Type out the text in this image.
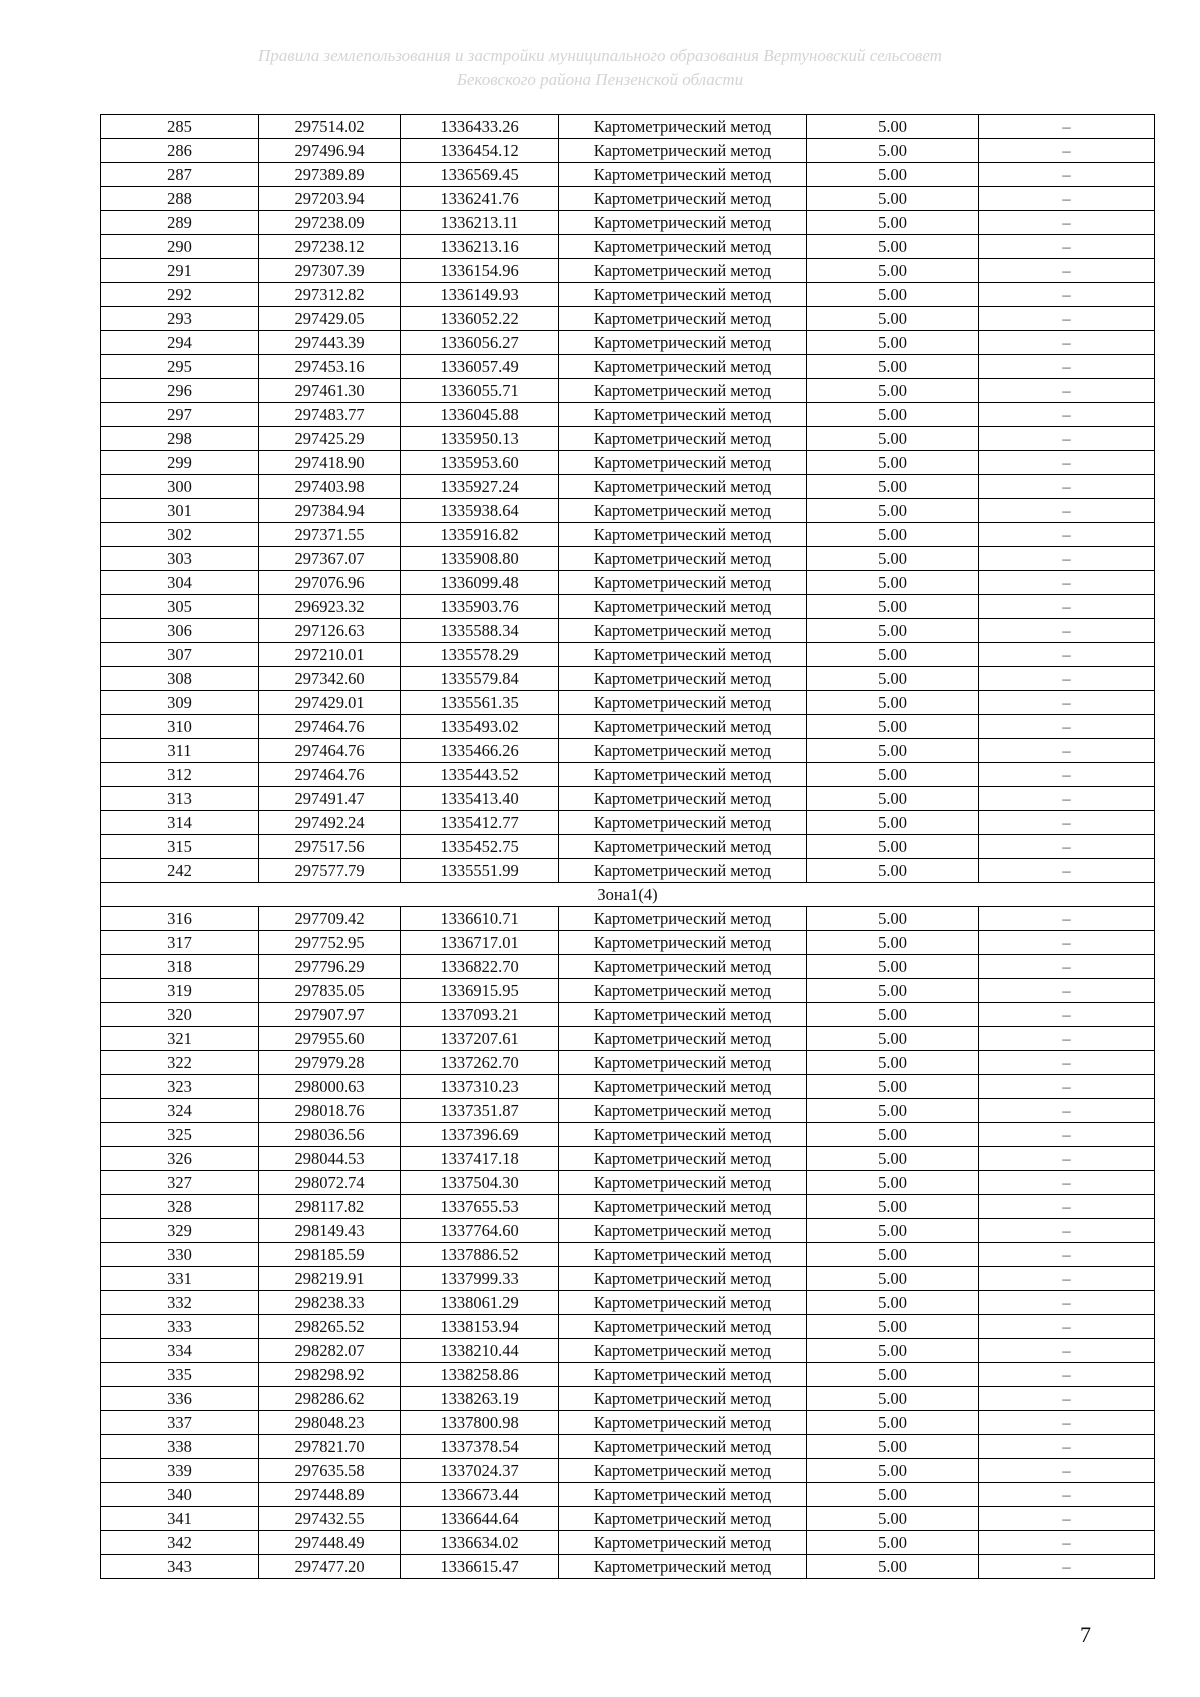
Правила землепользования и застройки муниципального образования Вертуновский сельсовет
Бековского района Пензенской области
285	297514.02	1336433.26	Картометрический метод	5.00	–
286	297496.94	1336454.12	Картометрический метод	5.00	–
287	297389.89	1336569.45	Картометрический метод	5.00	–
288	297203.94	1336241.76	Картометрический метод	5.00	–
289	297238.09	1336213.11	Картометрический метод	5.00	–
290	297238.12	1336213.16	Картометрический метод	5.00	–
291	297307.39	1336154.96	Картометрический метод	5.00	–
292	297312.82	1336149.93	Картометрический метод	5.00	–
293	297429.05	1336052.22	Картометрический метод	5.00	–
294	297443.39	1336056.27	Картометрический метод	5.00	–
295	297453.16	1336057.49	Картометрический метод	5.00	–
296	297461.30	1336055.71	Картометрический метод	5.00	–
297	297483.77	1336045.88	Картометрический метод	5.00	–
298	297425.29	1335950.13	Картометрический метод	5.00	–
299	297418.90	1335953.60	Картометрический метод	5.00	–
300	297403.98	1335927.24	Картометрический метод	5.00	–
301	297384.94	1335938.64	Картометрический метод	5.00	–
302	297371.55	1335916.82	Картометрический метод	5.00	–
303	297367.07	1335908.80	Картометрический метод	5.00	–
304	297076.96	1336099.48	Картометрический метод	5.00	–
305	296923.32	1335903.76	Картометрический метод	5.00	–
306	297126.63	1335588.34	Картометрический метод	5.00	–
307	297210.01	1335578.29	Картометрический метод	5.00	–
308	297342.60	1335579.84	Картометрический метод	5.00	–
309	297429.01	1335561.35	Картометрический метод	5.00	–
310	297464.76	1335493.02	Картометрический метод	5.00	–
311	297464.76	1335466.26	Картометрический метод	5.00	–
312	297464.76	1335443.52	Картометрический метод	5.00	–
313	297491.47	1335413.40	Картометрический метод	5.00	–
314	297492.24	1335412.77	Картометрический метод	5.00	–
315	297517.56	1335452.75	Картометрический метод	5.00	–
242	297577.79	1335551.99	Картометрический метод	5.00	–
Зона1(4)					
316	297709.42	1336610.71	Картометрический метод	5.00	–
317	297752.95	1336717.01	Картометрический метод	5.00	–
318	297796.29	1336822.70	Картометрический метод	5.00	–
319	297835.05	1336915.95	Картометрический метод	5.00	–
320	297907.97	1337093.21	Картометрический метод	5.00	–
321	297955.60	1337207.61	Картометрический метод	5.00	–
322	297979.28	1337262.70	Картометрический метод	5.00	–
323	298000.63	1337310.23	Картометрический метод	5.00	–
324	298018.76	1337351.87	Картометрический метод	5.00	–
325	298036.56	1337396.69	Картометрический метод	5.00	–
326	298044.53	1337417.18	Картометрический метод	5.00	–
327	298072.74	1337504.30	Картометрический метод	5.00	–
328	298117.82	1337655.53	Картометрический метод	5.00	–
329	298149.43	1337764.60	Картометрический метод	5.00	–
330	298185.59	1337886.52	Картометрический метод	5.00	–
331	298219.91	1337999.33	Картометрический метод	5.00	–
332	298238.33	1338061.29	Картометрический метод	5.00	–
333	298265.52	1338153.94	Картометрический метод	5.00	–
334	298282.07	1338210.44	Картометрический метод	5.00	–
335	298298.92	1338258.86	Картометрический метод	5.00	–
336	298286.62	1338263.19	Картометрический метод	5.00	–
337	298048.23	1337800.98	Картометрический метод	5.00	–
338	297821.70	1337378.54	Картометрический метод	5.00	–
339	297635.58	1337024.37	Картометрический метод	5.00	–
340	297448.89	1336673.44	Картометрический метод	5.00	–
341	297432.55	1336644.64	Картометрический метод	5.00	–
342	297448.49	1336634.02	Картометрический метод	5.00	–
343	297477.20	1336615.47	Картометрический метод	5.00	–
7
